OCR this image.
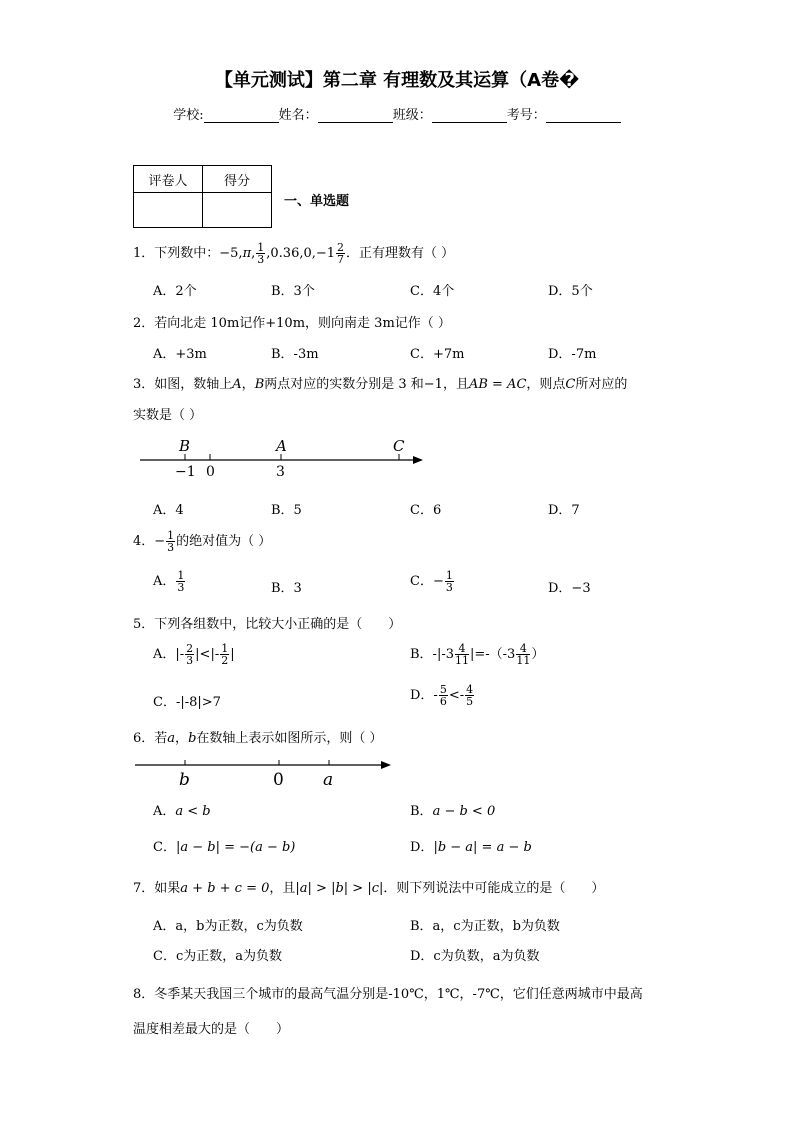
【单元测试】第二章 有理数及其运算（A卷�
学校:	姓名：	班级：	考号：
评卷人	得分

一、单选题
1．下列数中：−5,π, $\frac{1}{3} ,0.36,0,-1 \frac{2}{7}$ ．正有理数有（ ）
A．2个	B．3个	C．4个	D．5个
2．若向北走 10m记作+10m，则向南走 3m记作（ ）
A．+3m	B．-3m	C．+7m	D．-7m
3．如图，数轴上A，B两点对应的实数分别是 3 和−1，且AB = AC，则点C所对应的
实数是（ ）
B	A	C
−1 0	3
A．4	B．5	C．6	D．7
4．− $\frac{1}{3}$ 的绝对值为（ ）
A． $\frac{1}{3}$	B．3	C．− $\frac{1}{3}$	D．−3
5．下列各组数中，比较大小正确的是（　　）
A．|- $\frac{2}{3}$ |<|- $\frac{1}{2}$ |	B．$-|-3 \frac{4}{11} |=-(-3 \frac{4}{11}$ ）
C．-|-8|>7	D．- $\frac{5}{6} <- \frac{4}{5}$
6．若a，b在数轴上表示如图所示，则（ ）
b	0 a
A．a < b	B．a − b < 0
C．|a − b| = −(a − b)	D．|b − a| = a − b
7．如果a + b + c = 0，且|a| > |b| > |c|．则下列说法中可能成立的是（　　）
A．a，b为正数，c为负数	B．a，c为正数，b为负数
C．c为正数，a为负数	D．c为负数，a为负数
8．冬季某天我国三个城市的最高气温分别是-10℃，1℃，-7℃，它们任意两城市中最高
温度相差最大的是（　　）
